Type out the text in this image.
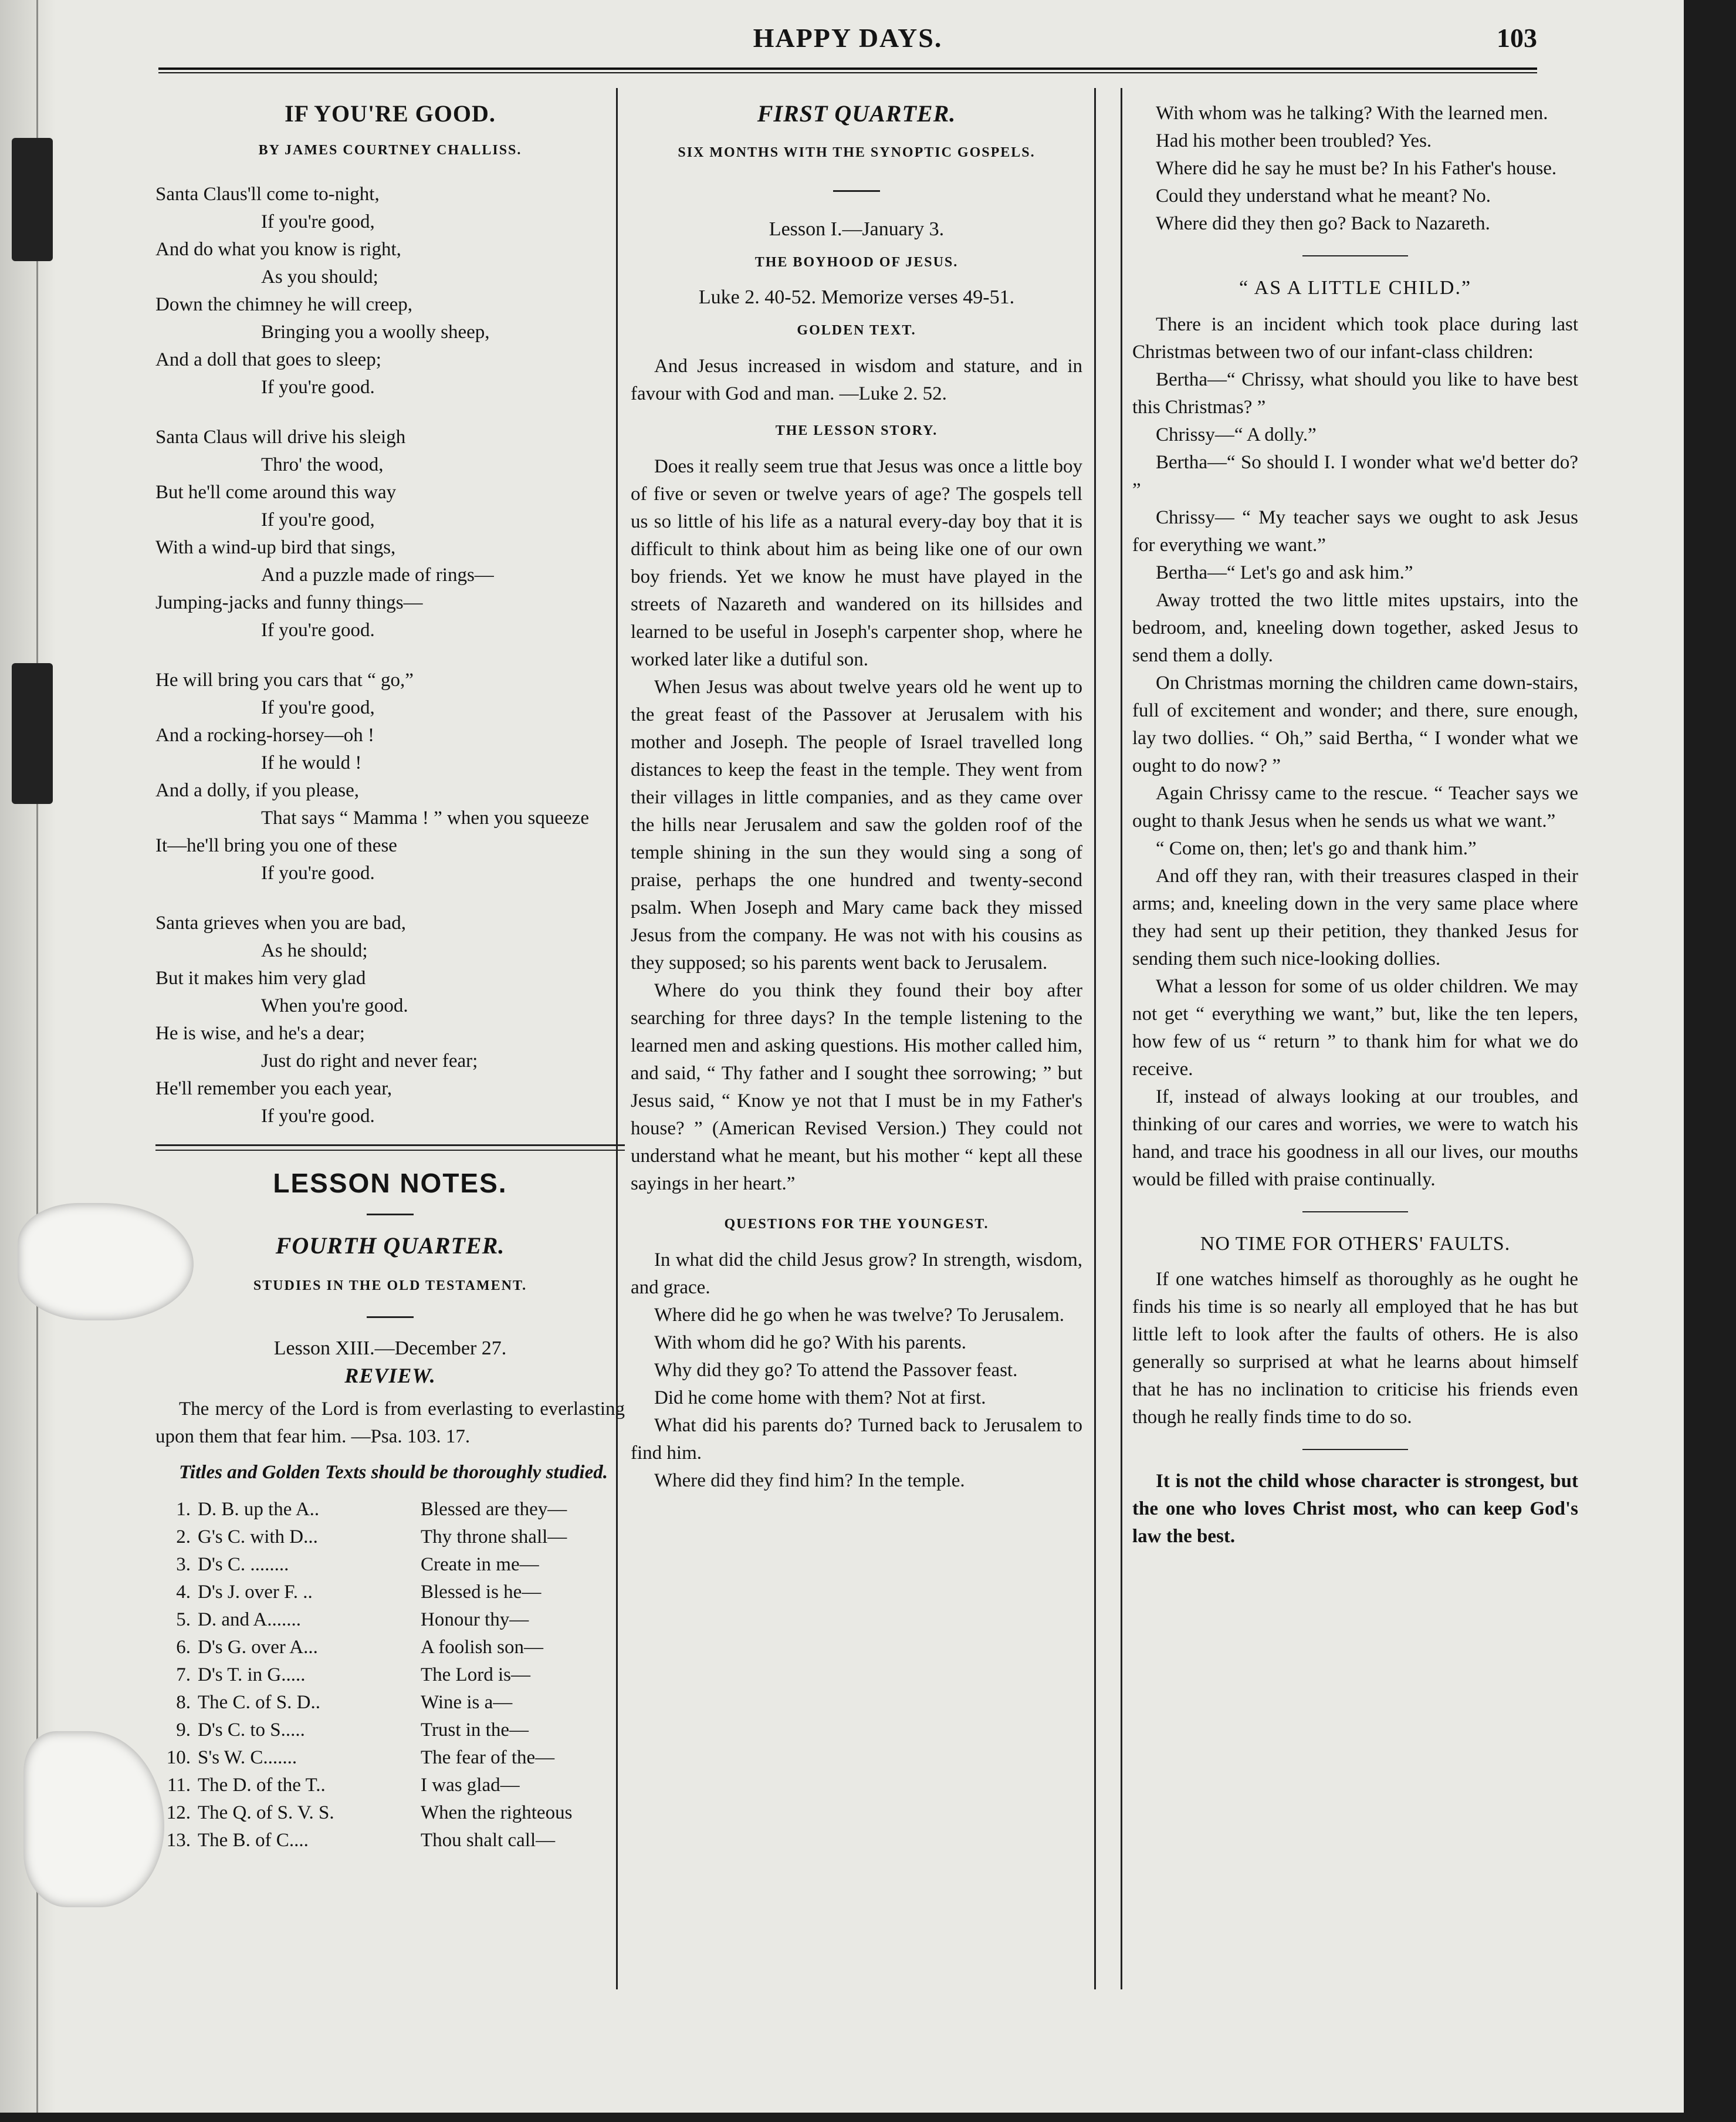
HAPPY DAYS.	103

IF YOU'RE GOOD.

BY JAMES COURTNEY CHALLISS.

Santa Claus'll come to-night,

If you're good,

And do what you know is right,

As you should;

Down the chimney he will creep,

Bringing you a woolly sheep,

And a doll that goes to sleep;

If you're good.

Santa Claus will drive his sleigh

Thro' the wood,

But he'll come around this way

If you're good,

With a wind-up bird that sings,

And a puzzle made of rings—

Jumping-jacks and funny things—

If you're good.

He will bring you cars that “ go,”

If you're good,

And a rocking-horsey—oh !

If he would !

And a dolly, if you please,

That says “ Mamma ! ” when you squeeze

It—he'll bring you one of these

If you're good.

Santa grieves when you are bad,

As he should;

But it makes him very glad

When you're good.

He is wise, and he's a dear;

Just do right and never fear;

He'll remember you each year,

If you're good.

LESSON NOTES.

FOURTH QUARTER.

STUDIES IN THE OLD TESTAMENT.

Lesson XIII.—December 27.

REVIEW.

The mercy of the Lord is from everlasting to everlasting upon them that fear him. —Psa. 103. 17.

Titles and Golden Texts should be thoroughly studied.

1. D. B. up the A..	Blessed are they—
2. G's C. with D...	Thy throne shall—
3. D's C. ........	Create in me—
4. D's J. over F. ..	Blessed is he—
5. D. and A.......	Honour thy—
6. D's G. over A...	A foolish son—
7. D's T. in G.....	The Lord is—
8. The C. of S. D..	Wine is a—
9. D's C. to S.....	Trust in the—
10. S's W. C.......	The fear of the—
11. The D. of the T..	I was glad—
12. The Q. of S. V. S.	When the righteous
13. The B. of C....	Thou shalt call—

FIRST QUARTER.

SIX MONTHS WITH THE SYNOPTIC GOSPELS.

Lesson I.—January 3.

THE BOYHOOD OF JESUS.

Luke 2. 40-52. Memorize verses 49-51.

GOLDEN TEXT.

And Jesus increased in wisdom and stature, and in favour with God and man. —Luke 2. 52.

THE LESSON STORY.

Does it really seem true that Jesus was once a little boy of five or seven or twelve years of age? The gospels tell us so little of his life as a natural every-day boy that it is difficult to think about him as being like one of our own boy friends. Yet we know he must have played in the streets of Nazareth and wandered on its hillsides and learned to be useful in Joseph's carpenter shop, where he worked later like a dutiful son.

When Jesus was about twelve years old he went up to the great feast of the Passover at Jerusalem with his mother and Joseph. The people of Israel travelled long distances to keep the feast in the temple. They went from their villages in little companies, and as they came over the hills near Jerusalem and saw the golden roof of the temple shining in the sun they would sing a song of praise, perhaps the one hundred and twenty-second psalm. When Joseph and Mary came back they missed Jesus from the company. He was not with his cousins as they supposed; so his parents went back to Jerusalem.

Where do you think they found their boy after searching for three days? In the temple listening to the learned men and asking questions. His mother called him, and said, “ Thy father and I sought thee sorrowing; ” but Jesus said, “ Know ye not that I must be in my Father's house? ” (American Revised Version.) They could not understand what he meant, but his mother “ kept all these sayings in her heart.”

QUESTIONS FOR THE YOUNGEST.

In what did the child Jesus grow? In strength, wisdom, and grace.

Where did he go when he was twelve? To Jerusalem.

With whom did he go? With his parents.

Why did they go? To attend the Passover feast.

Did he come home with them? Not at first.

What did his parents do? Turned back to Jerusalem to find him.

Where did they find him? In the temple.

With whom was he talking? With the learned men.

Had his mother been troubled? Yes.

Where did he say he must be? In his Father's house.

Could they understand what he meant? No.

Where did they then go? Back to Nazareth.

“ AS A LITTLE CHILD.”

There is an incident which took place during last Christmas between two of our infant-class children:

Bertha—“ Chrissy, what should you like to have best this Christmas? ”

Chrissy—“ A dolly.”

Bertha—“ So should I. I wonder what we'd better do? ”

Chrissy— “ My teacher says we ought to ask Jesus for everything we want.”

Bertha—“ Let's go and ask him.”

Away trotted the two little mites upstairs, into the bedroom, and, kneeling down together, asked Jesus to send them a dolly.

On Christmas morning the children came down-stairs, full of excitement and wonder; and there, sure enough, lay two dollies. “ Oh,” said Bertha, “ I wonder what we ought to do now? ”

Again Chrissy came to the rescue. “ Teacher says we ought to thank Jesus when he sends us what we want.”

“ Come on, then; let's go and thank him.”

And off they ran, with their treasures clasped in their arms; and, kneeling down in the very same place where they had sent up their petition, they thanked Jesus for sending them such nice-looking dollies.

What a lesson for some of us older children. We may not get “ everything we want,” but, like the ten lepers, how few of us “ return ” to thank him for what we do receive.

If, instead of always looking at our troubles, and thinking of our cares and worries, we were to watch his hand, and trace his goodness in all our lives, our mouths would be filled with praise continually.

NO TIME FOR OTHERS' FAULTS.

If one watches himself as thoroughly as he ought he finds his time is so nearly all employed that he has but little left to look after the faults of others. He is also generally so surprised at what he learns about himself that he has no inclination to criticise his friends even though he really finds time to do so.

It is not the child whose character is strongest, but the one who loves Christ most, who can keep God's law the best.
